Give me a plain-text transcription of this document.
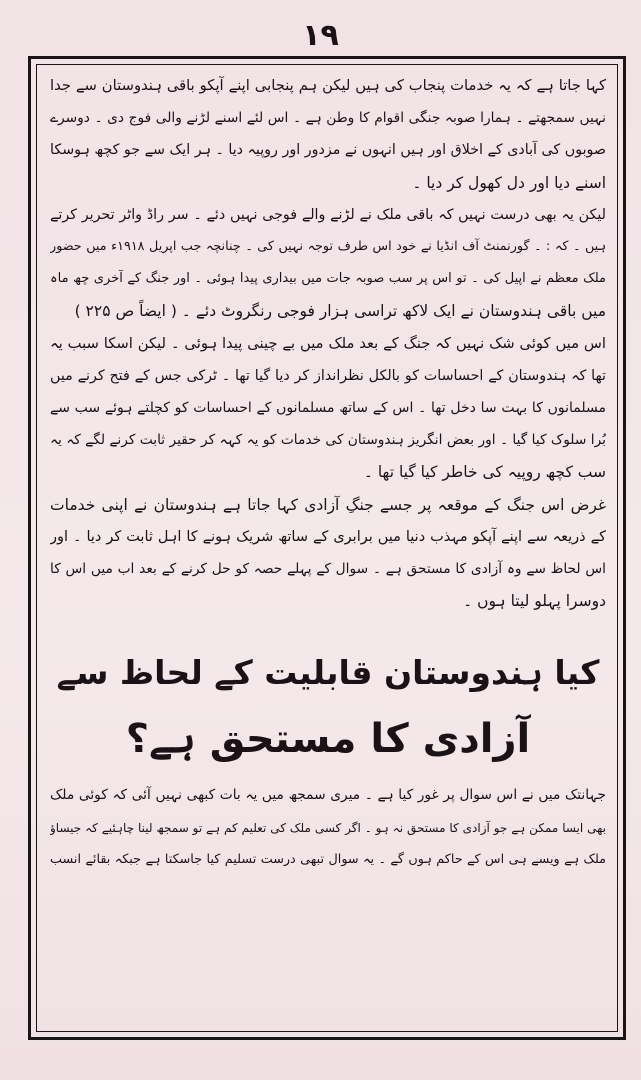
۱۹

کہا جاتا ہے کہ یہ خدمات پنجاب کی ہیں لیکن ہم پنجابی اپنے آپکو باقی ہندوستان سے جدا
نہیں سمجھتے ۔ ہمارا صوبہ جنگی اقوام کا وطن ہے ۔ اس لئے اسنے لڑنے والی فوج دی ۔ دوسرے
صوبوں کی آبادی کے اخلاق اور ہیں انہوں نے مزدور اور روپیہ دیا ۔ ہر ایک سے جو کچھ ہوسکا
اسنے دیا اور دل کھول کر دیا ۔

لیکن یہ بھی درست نہیں کہ باقی ملک نے لڑنے والے فوجی نہیں دئے ۔ سر راڈ واٹر تحریر کرتے
ہیں ۔ کہ : ۔ گورنمنٹ آف انڈیا نے خود اس طرف توجہ نہیں کی ۔ چنانچہ جب اپریل ۱۹۱۸ء میں حضور
ملک معظم نے اپیل کی ۔ تو اس پر سب صوبہ جات میں بیداری پیدا ہوئی ۔ اور جنگ کے آخری چھ ماہ
میں باقی ہندوستان نے ایک لاکھ تراسی ہزار فوجی رنگروٹ دئے ۔ ( ایضاً ص ۲۲۵ )

اس میں کوئی شک نہیں کہ جنگ کے بعد ملک میں بے چینی پیدا ہوئی ۔ لیکن اسکا سبب یہ
تھا کہ ہندوستان کے احساسات کو بالکل نظرانداز کر دیا گیا تھا ۔ ٹرکی جس کے فتح کرنے میں
مسلمانوں کا بہت سا دخل تھا ۔ اس کے ساتھ مسلمانوں کے احساسات کو کچلتے ہوئے سب سے
بُرا سلوک کیا گیا ۔ اور بعض انگریز ہندوستان کی خدمات کو یہ کہہ کر حقیر ثابت کرنے لگے کہ یہ
سب کچھ روپیہ کی خاطر کیا گیا تھا ۔

غرض اس جنگ کے موقعہ پر جسے جنگِ آزادی کہا جاتا ہے ہندوستان نے اپنی خدمات
کے ذریعہ سے اپنے آپکو مہذب دنیا میں برابری کے ساتھ شریک ہونے کا اہل ثابت کر دیا ۔ اور
اس لحاظ سے وہ آزادی کا مستحق ہے ۔ سوال کے پہلے حصہ کو حل کرنے کے بعد اب میں اس کا
دوسرا پہلو لیتا ہوں ۔

کیا ہندوستان قابلیت کے لحاظ سے
آزادی کا مستحق ہے؟

جہانتک میں نے اس سوال پر غور کیا ہے ۔ میری سمجھ میں یہ بات کبھی نہیں آئی کہ کوئی ملک
بھی ایسا ممکن ہے جو آزادی کا مستحق نہ ہو ۔ اگر کسی ملک کی تعلیم کم ہے تو سمجھ لینا چاہئیے کہ جیساؤ
ملک ہے ویسے ہی اس کے حاکم ہوں گے ۔ یہ سوال تبھی درست تسلیم کیا جاسکتا ہے جبکہ بقائے انسب
